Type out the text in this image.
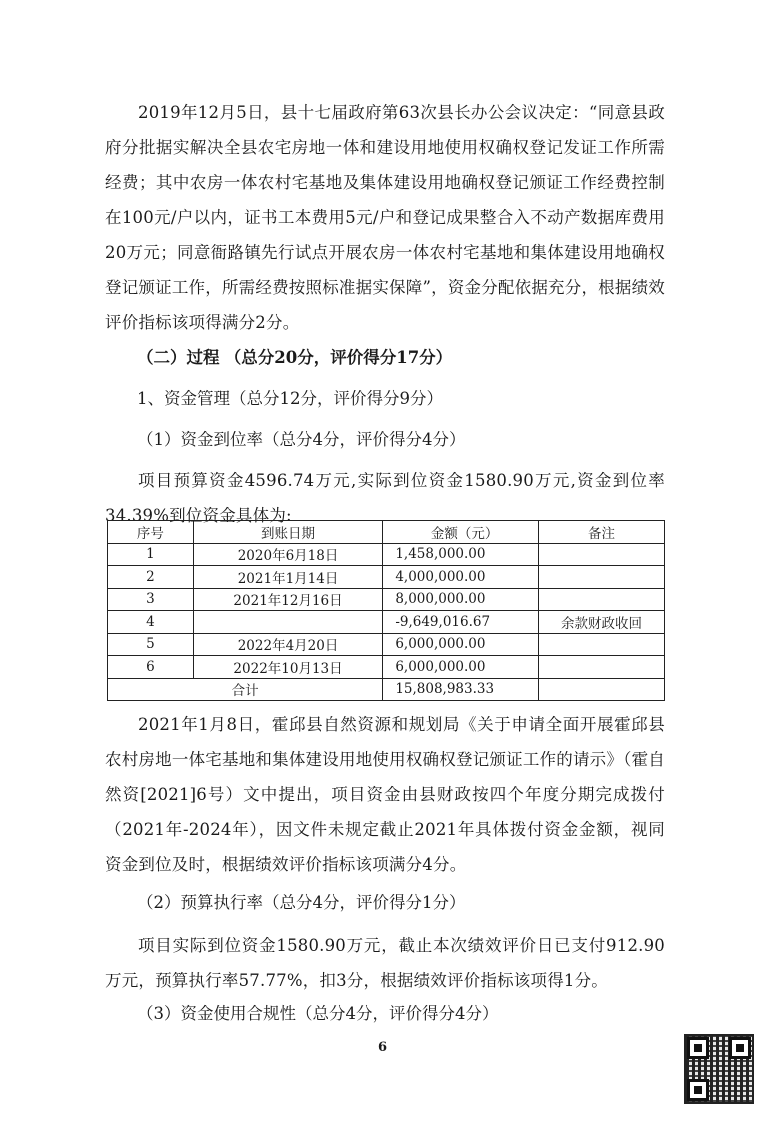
2019年12月5日，县十七届政府第63次县长办公会议决定：“同意县政府分批据实解决全县农宅房地一体和建设用地使用权确权登记发证工作所需经费；其中农房一体农村宅基地及集体建设用地确权登记颁证工作经费控制在100元/户以内，证书工本费用5元/户和登记成果整合入不动产数据库费用20万元；同意衙路镇先行试点开展农房一体农村宅基地和集体建设用地确权登记颁证工作，所需经费按照标准据实保障”，资金分配依据充分，根据绩效评价指标该项得满分2分。
（二）过程 （总分20分，评价得分17分）
1、资金管理（总分12分，评价得分9分）
（1）资金到位率（总分4分，评价得分4分）
项目预算资金4596.74万元,实际到位资金1580.90万元,资金到位率34.39%到位资金具体为:
序号	到账日期	金额（元）	备注
1	2020年6月18日	1,458,000.00	
2	2021年1月14日	4,000,000.00	
3	2021年12月16日	8,000,000.00	
4		-9,649,016.67	余款财政收回
5	2022年4月20日	6,000,000.00	
6	2022年10月13日	6,000,000.00	
合计		15,808,983.33	
2021年1月8日，霍邱县自然资源和规划局《关于申请全面开展霍邱县农村房地一体宅基地和集体建设用地使用权确权登记颁证工作的请示》（霍自然资[2021]6号）文中提出，项目资金由县财政按四个年度分期完成拨付（2021年-2024年），因文件未规定截止2021年具体拨付资金金额，视同资金到位及时，根据绩效评价指标该项满分4分。
（2）预算执行率（总分4分，评价得分1分）
项目实际到位资金1580.90万元，截止本次绩效评价日已支付912.90万元，预算执行率57.77%，扣3分，根据绩效评价指标该项得1分。
（3）资金使用合规性（总分4分，评价得分4分）
6
